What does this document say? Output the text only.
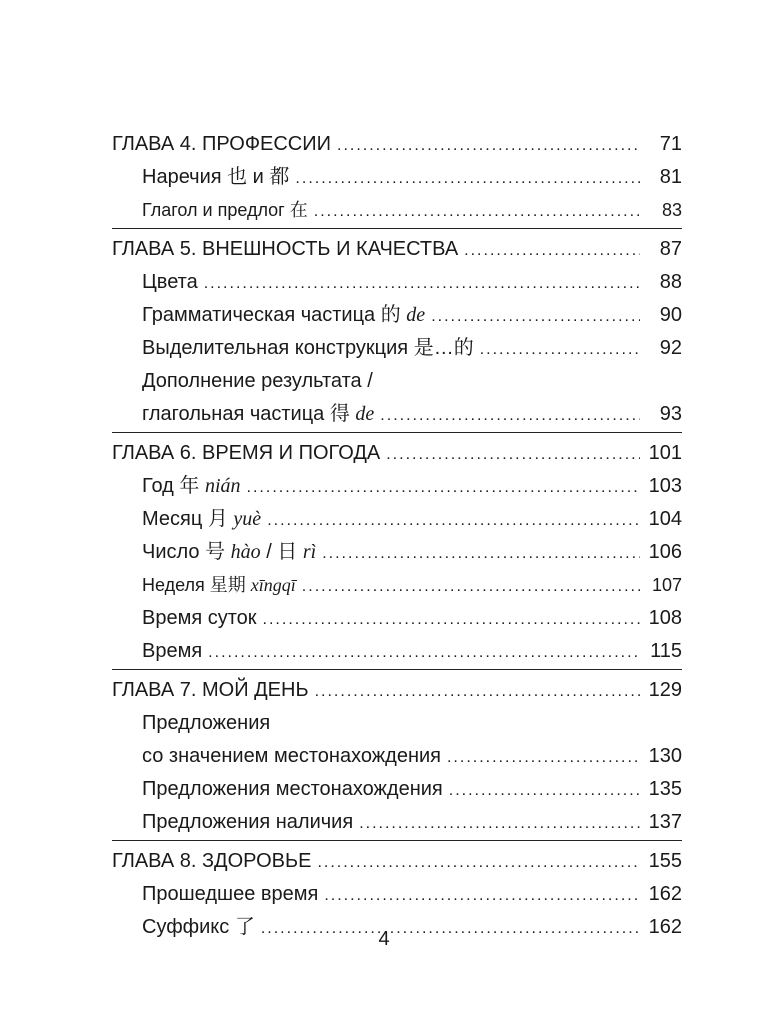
ГЛАВА 4. ПРОФЕССИИ .....	71
Наречия 也 и 都 .....	81
Глагол и предлог 在 .....	83
ГЛАВА 5. ВНЕШНОСТЬ И КАЧЕСТВА .....	87
Цвета .....	88
Грамматическая частица 的 de .....	90
Выделительная конструкция 是…的 .....	92
Дополнение результата /
глагольная частица 得 de .....	93
ГЛАВА 6. ВРЕМЯ И ПОГОДА .....	101
Год 年 nián .....	103
Месяц 月 yuè .....	104
Число 号 hào / 日 rì .....	106
Неделя 星期 xīngqī .....	107
Время суток .....	108
Время .....	115
ГЛАВА 7. МОЙ ДЕНЬ .....	129
Предложения
со значением местонахождения .....	130
Предложения местонахождения .....	135
Предложения наличия .....	137
ГЛАВА 8. ЗДОРОВЬЕ .....	155
Прошедшее время .....	162
Суффикс 了 .....	162
4
